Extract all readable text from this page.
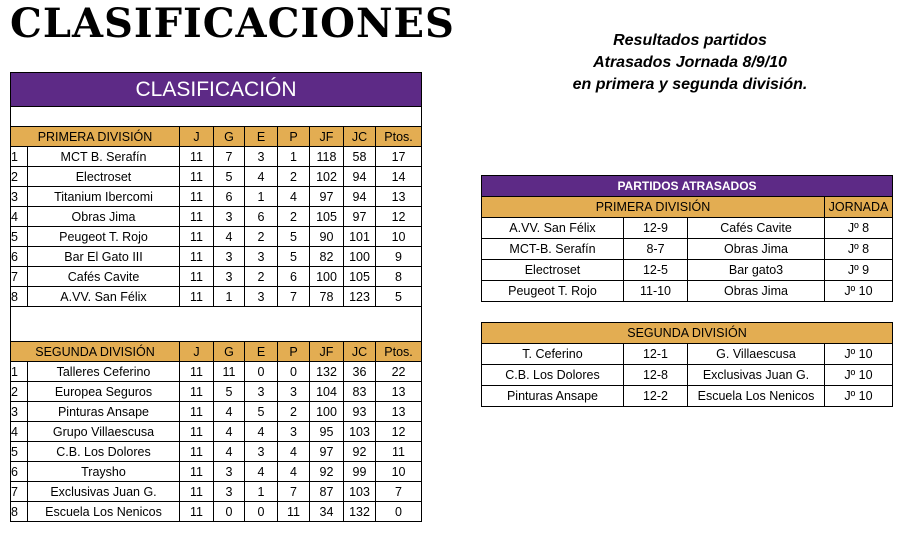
CLASIFICACIONES	Resultados partidos
Atrasados Jornada 8/9/10
en primera y segunda división.
CLASIFICACIÓN								

PRIMERA DIVISIÓN		J	G	E	P	JF	JC	Ptos.
1	MCT B. Serafín	11	7	3	1	118	58	17
2	Electroset	11	5	4	2	102	94	14
3	Titanium Ibercomi	11	6	1	4	97	94	13
4	Obras Jima	11	3	6	2	105	97	12
5	Peugeot T. Rojo	11	4	2	5	90	101	10
6	Bar El Gato III	11	3	3	5	82	100	9
7	Cafés Cavite	11	3	2	6	100	105	8
8	A.VV. San Félix	11	1	3	7	78	123	5

SEGUNDA DIVISIÓN		J	G	E	P	JF	JC	Ptos.
1	Talleres Ceferino	11	11	0	0	132	36	22
2	Europea Seguros	11	5	3	3	104	83	13
3	Pinturas Ansape	11	4	5	2	100	93	13
4	Grupo Villaescusa	11	4	4	3	95	103	12
5	C.B. Los Dolores	11	4	3	4	97	92	11
6	Traysho	11	3	4	4	92	99	10
7	Exclusivas Juan G.	11	3	1	7	87	103	7
8	Escuela Los Nenicos	11	0	0	11	34	132	0
PARTIDOS ATRASADOS			
PRIMERA DIVISIÓN			JORNADA
A.VV. San Félix	12-9	Cafés Cavite	Jº 8
MCT-B. Serafín	8-7	Obras Jima	Jº 8
Electroset	12-5	Bar gato3	Jº 9
Peugeot T. Rojo	11-10	Obras Jima	Jº 10

SEGUNDA DIVISIÓN			
T. Ceferino	12-1	G. Villaescusa	Jº 10
C.B. Los Dolores	12-8	Exclusivas Juan G.	Jº 10
Pinturas Ansape	12-2	Escuela Los Nenicos	Jº 10
